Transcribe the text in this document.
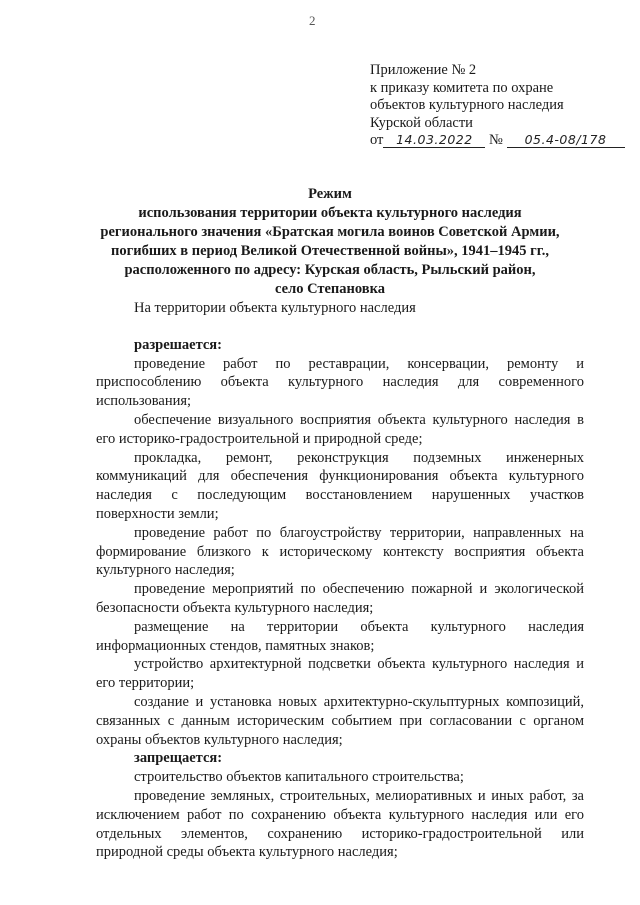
2
Приложение № 2
к приказу комитета по охране
объектов культурного наследия
Курской области
от 14.03.2022 № 05.4-08/178
Режим
использования территории объекта культурного наследия
регионального значения «Братская могила воинов Советской Армии,
погибших в период Великой Отечественной войны», 1941–1945 гг.,
расположенного по адресу: Курская область, Рыльский район,
село Степановка

На территории объекта культурного наследия

разрешается:

проведение работ по реставрации, консервации, ремонту и приспособлению объекта культурного наследия для современного использования;

обеспечение визуального восприятия объекта культурного наследия в его историко-градостроительной и природной среде;

прокладка, ремонт, реконструкция подземных инженерных коммуникаций для обеспечения функционирования объекта культурного наследия с последующим восстановлением нарушенных участков поверхности земли;

проведение работ по благоустройству территории, направленных на формирование близкого к историческому контексту восприятия объекта культурного наследия;

проведение мероприятий по обеспечению пожарной и экологической безопасности объекта культурного наследия;

размещение на территории объекта культурного наследия информационных стендов, памятных знаков;

устройство архитектурной подсветки объекта культурного наследия и его территории;

создание и установка новых архитектурно-скульптурных композиций, связанных с данным историческим событием при согласовании с органом охраны объектов культурного наследия;

запрещается:

строительство объектов капитального строительства;

проведение земляных, строительных, мелиоративных и иных работ, за исключением работ по сохранению объекта культурного наследия или его отдельных элементов, сохранению историко-градостроительной или природной среды объекта культурного наследия;
